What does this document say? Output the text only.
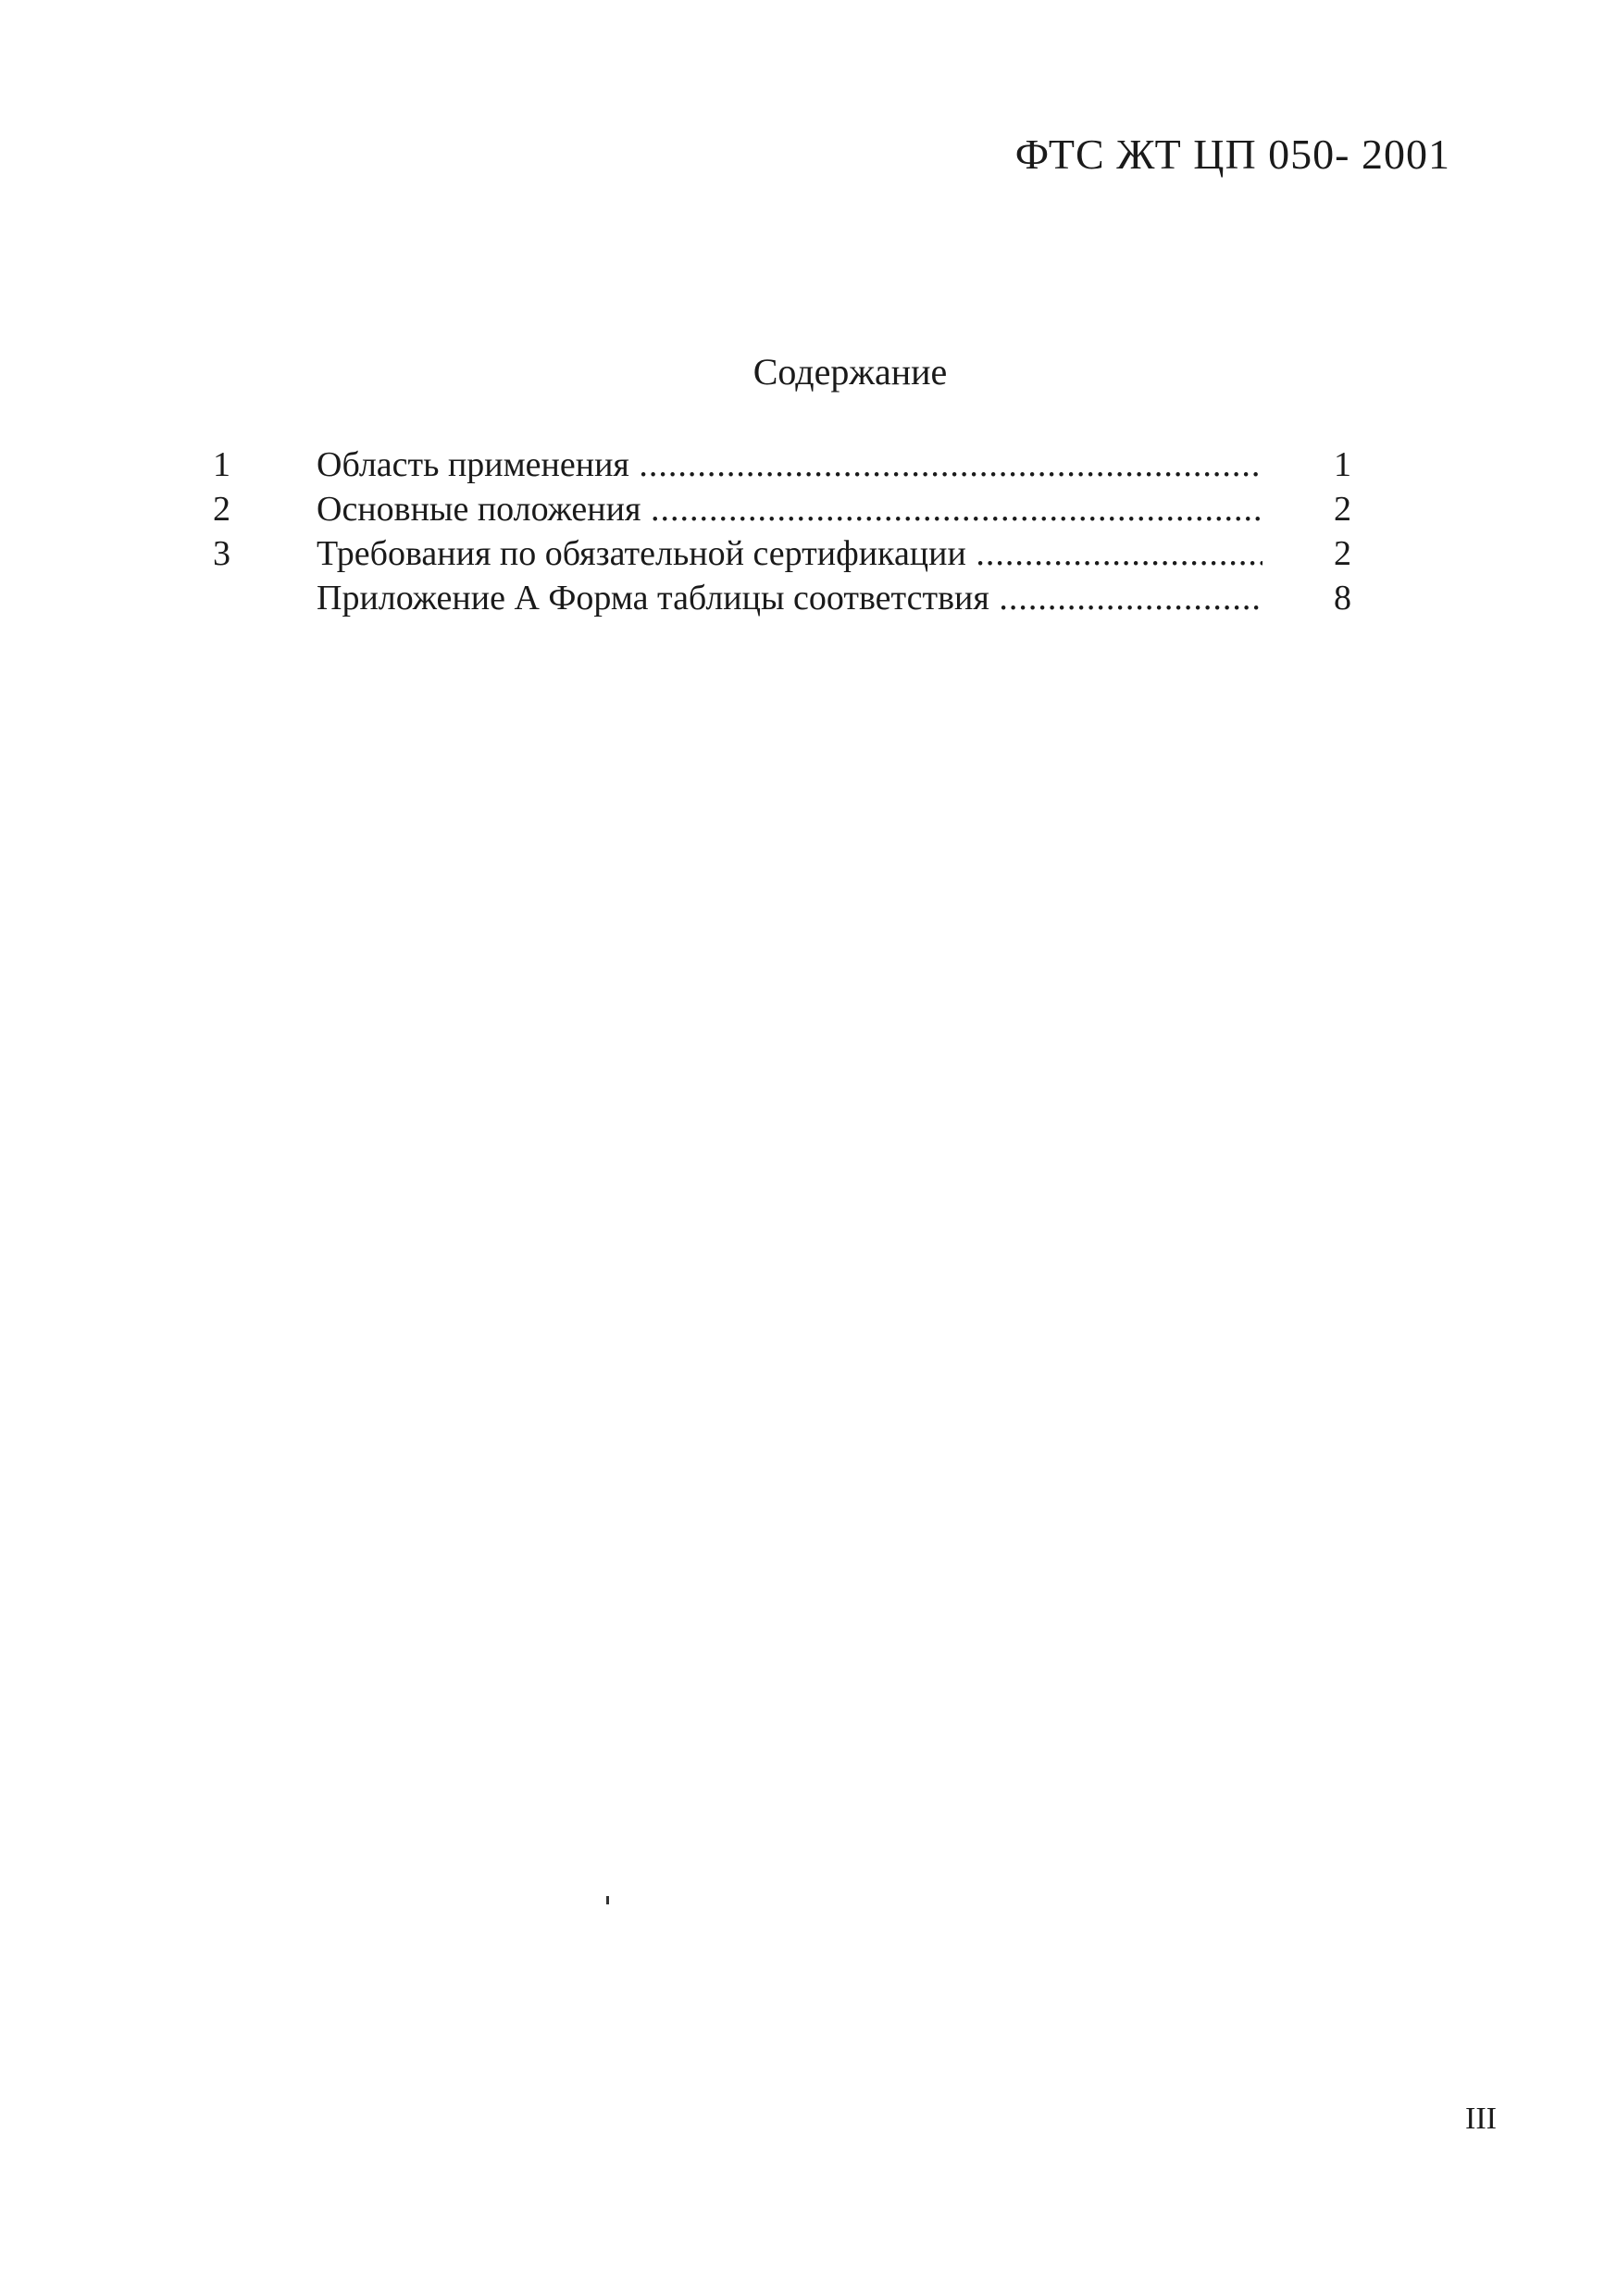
ФТС ЖТ ЦП 050- 2001
Содержание
1	Область применения .....	1
2	Основные положения .....	2
3	Требования по обязательной сертификации .....	2
Приложение А Форма таблицы соответствия .....	8
III
